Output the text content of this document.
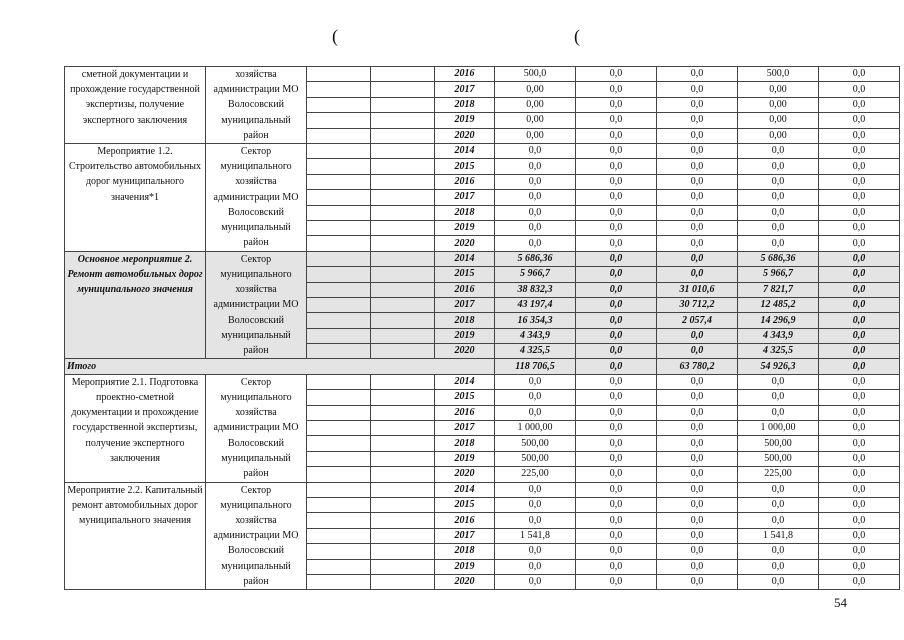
(	(
сметной документации и прохождение государственной экспертизы, получение экспертного заключения	хозяйства администрации МО Волосовский муниципальный район			2016	500,0	0,0	0,0	500,0	0,0
				2017	0,00	0,0	0,0	0,00	0,0
				2018	0,00	0,0	0,0	0,00	0,0
				2019	0,00	0,0	0,0	0,00	0,0
				2020	0,00	0,0	0,0	0,00	0,0
Мероприятие 1.2. Строительство автомобильных дорог муниципального значения*1	Сектор муниципального хозяйства администрации МО Волосовский муниципальный район			2014	0,0	0,0	0,0	0,0	0,0
				2015	0,0	0,0	0,0	0,0	0,0
				2016	0,0	0,0	0,0	0,0	0,0
				2017	0,0	0,0	0,0	0,0	0,0
				2018	0,0	0,0	0,0	0,0	0,0
				2019	0,0	0,0	0,0	0,0	0,0
				2020	0,0	0,0	0,0	0,0	0,0
Основное мероприятие 2. Ремонт автомобильных дорог муниципального значения	Сектор муниципального хозяйства администрации МО Волосовский муниципальный район			2014	5 686,36	0,0	0,0	5 686,36	0,0
				2015	5 966,7	0,0	0,0	5 966,7	0,0
				2016	38 832,3	0,0	31 010,6	7 821,7	0,0
				2017	43 197,4	0,0	30 712,2	12 485,2	0,0
				2018	16 354,3	0,0	2 057,4	14 296,9	0,0
				2019	4 343,9	0,0	0,0	4 343,9	0,0
				2020	4 325,5	0,0	0,0	4 325,5	0,0
Итого					118 706,5	0,0	63 780,2	54 926,3	0,0
Мероприятие 2.1. Подготовка проектно-сметной документации и прохождение государственной экспертизы, получение экспертного заключения	Сектор муниципального хозяйства администрации МО Волосовский муниципальный район			2014	0,0	0,0	0,0	0,0	0,0
				2015	0,0	0,0	0,0	0,0	0,0
				2016	0,0	0,0	0,0	0,0	0,0
				2017	1 000,00	0,0	0,0	1 000,00	0,0
				2018	500,00	0,0	0,0	500,00	0,0
				2019	500,00	0,0	0,0	500,00	0,0
				2020	225,00	0,0	0,0	225,00	0,0
Мероприятие 2.2. Капитальный ремонт автомобильных дорог муниципального значения	Сектор муниципального хозяйства администрации МО Волосовский муниципальный район			2014	0,0	0,0	0,0	0,0	0,0
				2015	0,0	0,0	0,0	0,0	0,0
				2016	0,0	0,0	0,0	0,0	0,0
				2017	1 541,8	0,0	0,0	1 541,8	0,0
				2018	0,0	0,0	0,0	0,0	0,0
				2019	0,0	0,0	0,0	0,0	0,0
				2020	0,0	0,0	0,0	0,0	0,0
54
